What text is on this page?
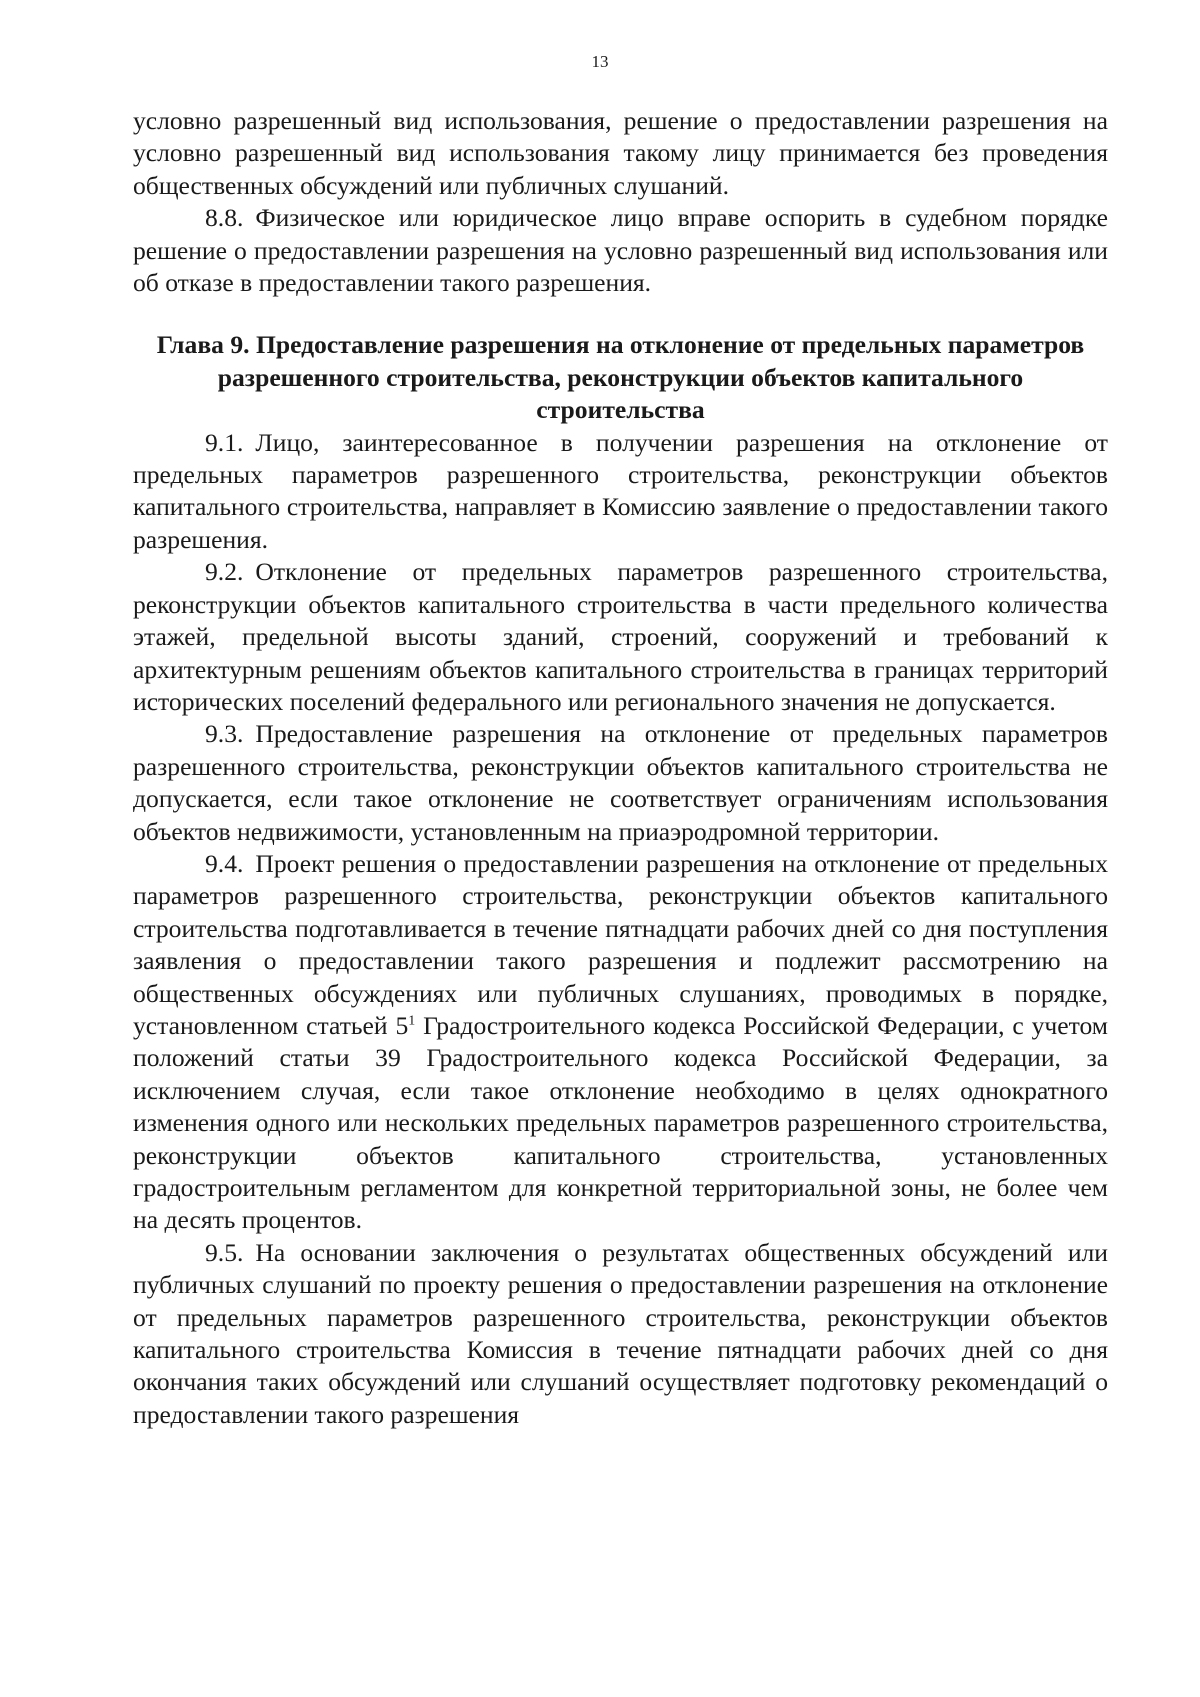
13

условно разрешенный вид использования, решение о предоставлении разрешения на условно разрешенный вид использования такому лицу принимается без проведения общественных обсуждений или публичных слушаний.

8.8. Физическое или юридическое лицо вправе оспорить в судебном порядке решение о предоставлении разрешения на условно разрешенный вид использования или об отказе в предоставлении такого разрешения.

Глава 9. Предоставление разрешения на отклонение от предельных параметров разрешенного строительства, реконструкции объектов капитального строительства

9.1. Лицо, заинтересованное в получении разрешения на отклонение от предельных параметров разрешенного строительства, реконструкции объектов капитального строительства, направляет в Комиссию заявление о предоставлении такого разрешения.

9.2. Отклонение от предельных параметров разрешенного строительства, реконструкции объектов капитального строительства в части предельного количества этажей, предельной высоты зданий, строений, сооружений и требований к архитектурным решениям объектов капитального строительства в границах территорий исторических поселений федерального или регионального значения не допускается.

9.3. Предоставление разрешения на отклонение от предельных параметров разрешенного строительства, реконструкции объектов капитального строительства не допускается, если такое отклонение не соответствует ограничениям использования объектов недвижимости, установленным на приаэродромной территории.

9.4. Проект решения о предоставлении разрешения на отклонение от предельных параметров разрешенного строительства, реконструкции объектов капитального строительства подготавливается в течение пятнадцати рабочих дней со дня поступления заявления о предоставлении такого разрешения и подлежит рассмотрению на общественных обсуждениях или публичных слушаниях, проводимых в порядке, установленном статьей $5^1$ Градостроительного кодекса Российской Федерации, с учетом положений статьи 39 Градостроительного кодекса Российской Федерации, за исключением случая, если такое отклонение необходимо в целях однократного изменения одного или нескольких предельных параметров разрешенного строительства, реконструкции объектов капитального строительства, установленных градостроительным регламентом для конкретной территориальной зоны, не более чем на десять процентов.

9.5. На основании заключения о результатах общественных обсуждений или публичных слушаний по проекту решения о предоставлении разрешения на отклонение от предельных параметров разрешенного строительства, реконструкции объектов капитального строительства Комиссия в течение пятнадцати рабочих дней со дня окончания таких обсуждений или слушаний осуществляет подготовку рекомендаций о предоставлении такого разрешения
